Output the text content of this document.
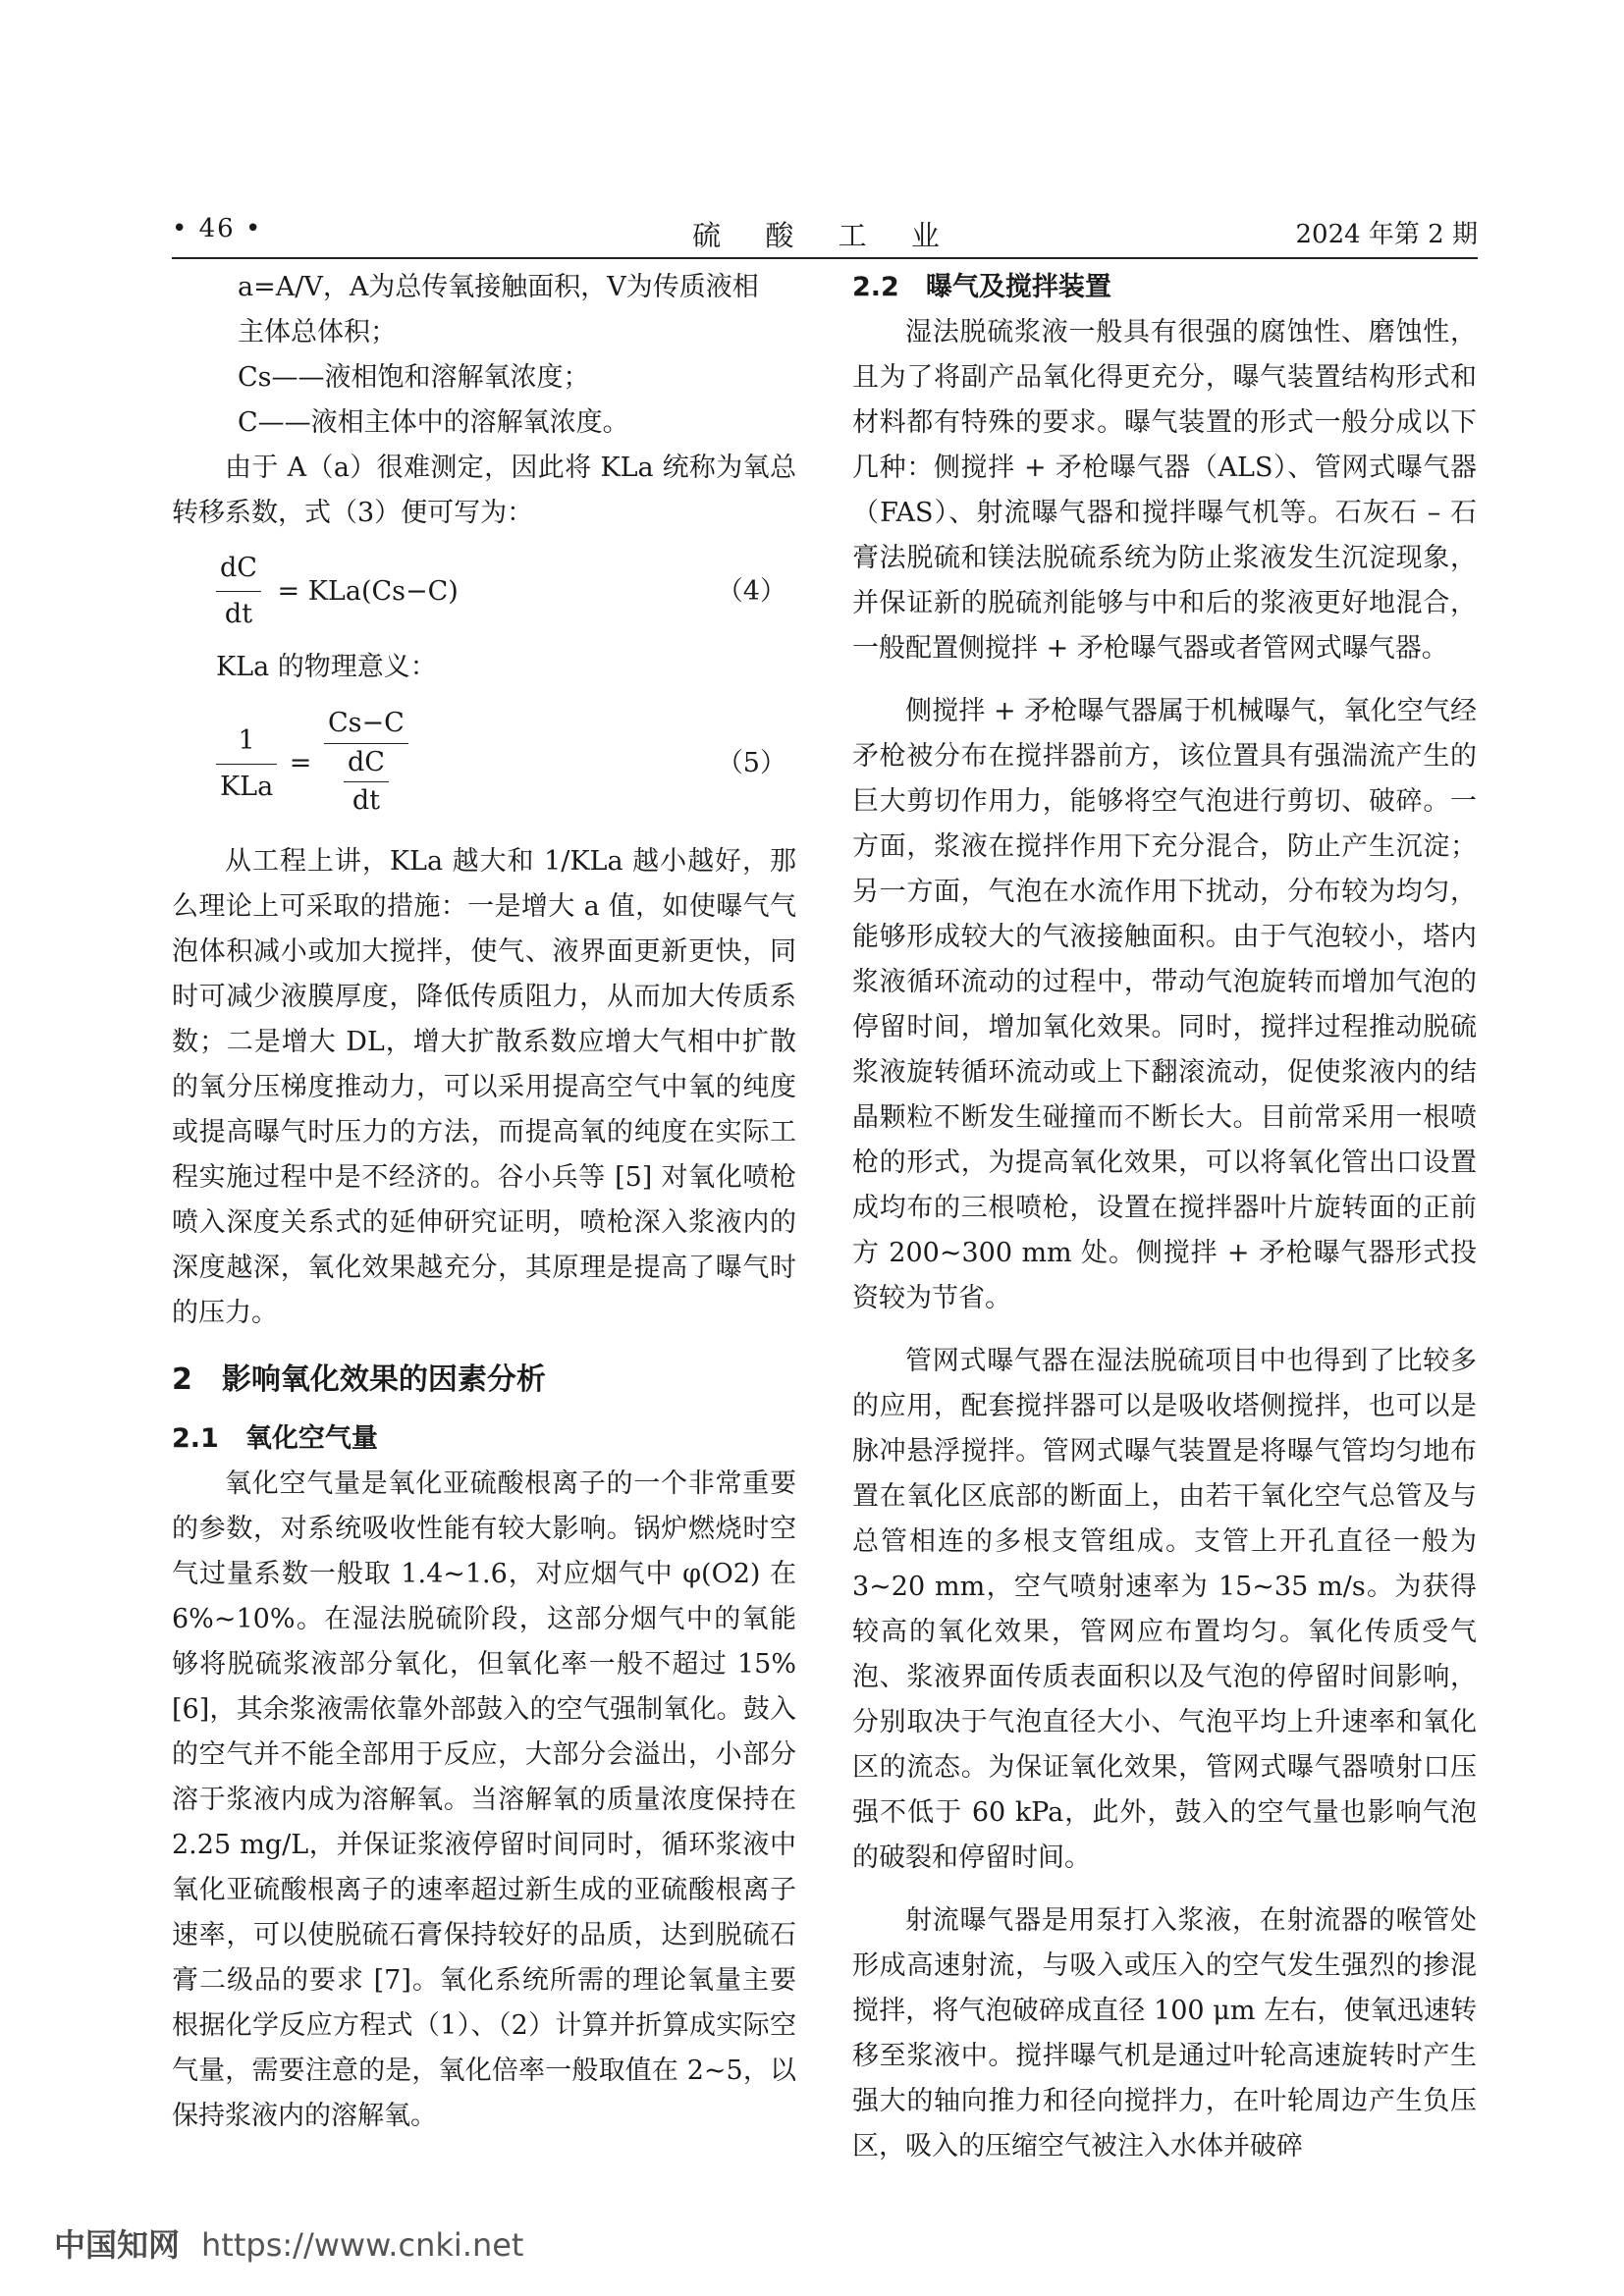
• 46 •	硫 酸 工 业	2024 年第 2 期

a=A/V，A为总传氧接触面积，V为传质液相

主体总体积；

Cs——液相饱和溶解氧浓度；

C——液相主体中的溶解氧浓度。

由于 A（a）很难测定，因此将 KLa 统称为氧总转移系数，式（3）便可写为：

$\frac{dC}{dt} = KLa(Cs-C)$	（4）

KLa 的物理意义：

$\frac{1}{\text{KLa}} = \frac{Cs-C}{\frac{dC}{dt}}$	（5）

从工程上讲，KLa 越大和 1/KLa 越小越好，那么理论上可采取的措施：一是增大 a 值，如使曝气气泡体积减小或加大搅拌，使气、液界面更新更快，同时可减少液膜厚度，降低传质阻力，从而加大传质系数；二是增大 DL，增大扩散系数应增大气相中扩散的氧分压梯度推动力，可以采用提高空气中氧的纯度或提高曝气时压力的方法，而提高氧的纯度在实际工程实施过程中是不经济的。谷小兵等 [5] 对氧化喷枪喷入深度关系式的延伸研究证明，喷枪深入浆液内的深度越深，氧化效果越充分，其原理是提高了曝气时的压力。

2　影响氧化效果的因素分析
2.1　氧化空气量

氧化空气量是氧化亚硫酸根离子的一个非常重要的参数，对系统吸收性能有较大影响。锅炉燃烧时空气过量系数一般取 1.4~1.6，对应烟气中 φ(O2) 在 6%~10%。在湿法脱硫阶段，这部分烟气中的氧能够将脱硫浆液部分氧化，但氧化率一般不超过 15%[6]，其余浆液需依靠外部鼓入的空气强制氧化。鼓入的空气并不能全部用于反应，大部分会溢出，小部分溶于浆液内成为溶解氧。当溶解氧的质量浓度保持在 2.25 mg/L，并保证浆液停留时间同时，循环浆液中氧化亚硫酸根离子的速率超过新生成的亚硫酸根离子速率，可以使脱硫石膏保持较好的品质，达到脱硫石膏二级品的要求 [7]。氧化系统所需的理论氧量主要根据化学反应方程式（1）、（2）计算并折算成实际空气量，需要注意的是，氧化倍率一般取值在 2~5，以保持浆液内的溶解氧。

2.2　曝气及搅拌装置

湿法脱硫浆液一般具有很强的腐蚀性、磨蚀性，且为了将副产品氧化得更充分，曝气装置结构形式和材料都有特殊的要求。曝气装置的形式一般分成以下几种：侧搅拌 + 矛枪曝气器（ALS）、管网式曝气器（FAS）、射流曝气器和搅拌曝气机等。石灰石 – 石膏法脱硫和镁法脱硫系统为防止浆液发生沉淀现象，并保证新的脱硫剂能够与中和后的浆液更好地混合，一般配置侧搅拌 + 矛枪曝气器或者管网式曝气器。

侧搅拌 + 矛枪曝气器属于机械曝气，氧化空气经矛枪被分布在搅拌器前方，该位置具有强湍流产生的巨大剪切作用力，能够将空气泡进行剪切、破碎。一方面，浆液在搅拌作用下充分混合，防止产生沉淀；另一方面，气泡在水流作用下扰动，分布较为均匀，能够形成较大的气液接触面积。由于气泡较小，塔内浆液循环流动的过程中，带动气泡旋转而增加气泡的停留时间，增加氧化效果。同时，搅拌过程推动脱硫浆液旋转循环流动或上下翻滚流动，促使浆液内的结晶颗粒不断发生碰撞而不断长大。目前常采用一根喷枪的形式，为提高氧化效果，可以将氧化管出口设置成均布的三根喷枪，设置在搅拌器叶片旋转面的正前方 200~300 mm 处。侧搅拌 + 矛枪曝气器形式投资较为节省。

管网式曝气器在湿法脱硫项目中也得到了比较多的应用，配套搅拌器可以是吸收塔侧搅拌，也可以是脉冲悬浮搅拌。管网式曝气装置是将曝气管均匀地布置在氧化区底部的断面上，由若干氧化空气总管及与总管相连的多根支管组成。支管上开孔直径一般为 3~20 mm，空气喷射速率为 15~35 m/s。为获得较高的氧化效果，管网应布置均匀。氧化传质受气泡、浆液界面传质表面积以及气泡的停留时间影响，分别取决于气泡直径大小、气泡平均上升速率和氧化区的流态。为保证氧化效果，管网式曝气器喷射口压强不低于 60 kPa，此外，鼓入的空气量也影响气泡的破裂和停留时间。

射流曝气器是用泵打入浆液，在射流器的喉管处形成高速射流，与吸入或压入的空气发生强烈的掺混搅拌，将气泡破碎成直径 100 μm 左右，使氧迅速转移至浆液中。搅拌曝气机是通过叶轮高速旋转时产生强大的轴向推力和径向搅拌力，在叶轮周边产生负压区，吸入的压缩空气被注入水体并破碎

中国知网 https://www.cnki.net
